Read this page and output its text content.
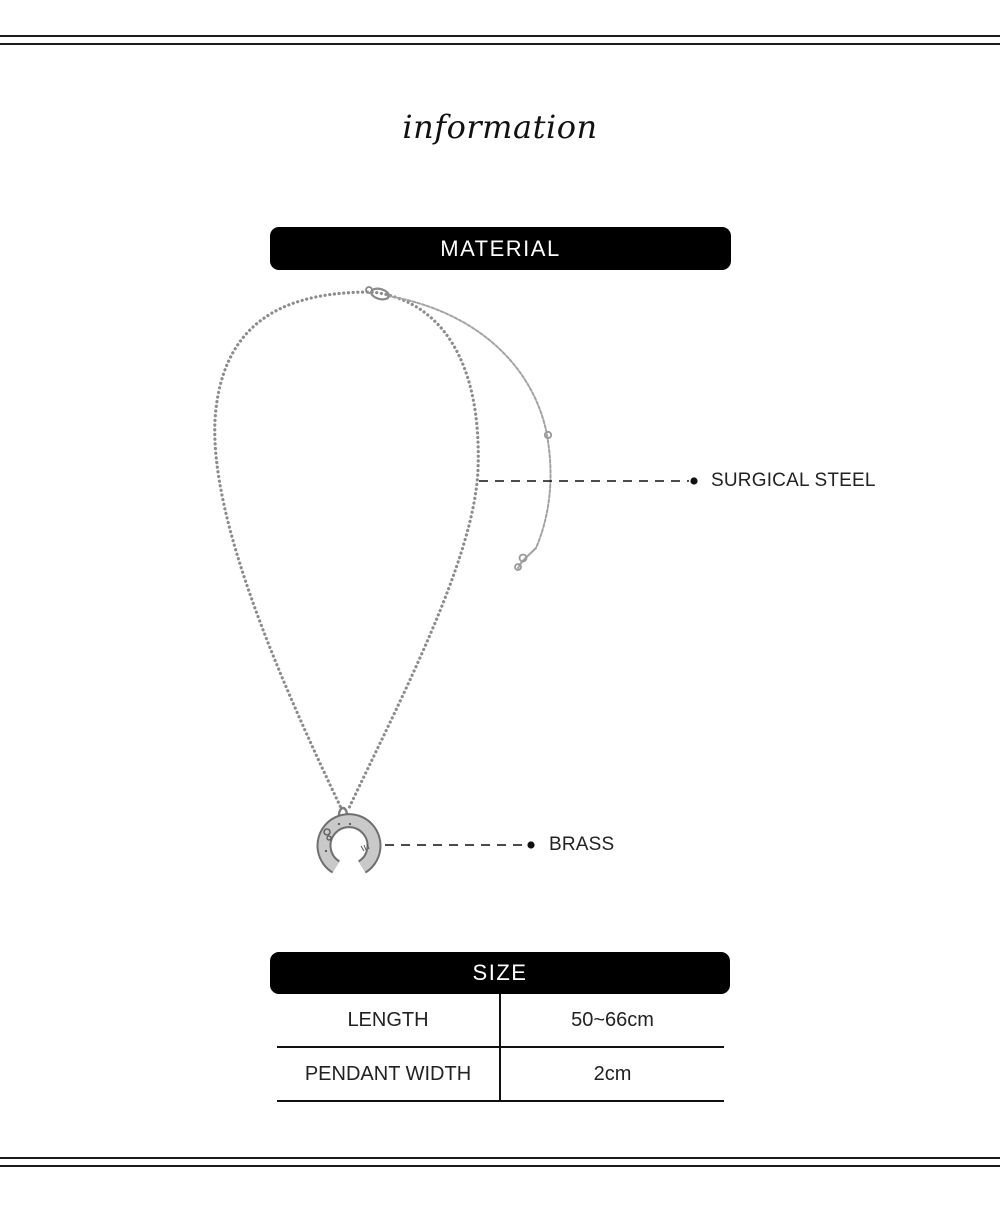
information
MATERIAL
SURGICAL STEEL
BRASS
SIZE
LENGTH	50~66cm
PENDANT WIDTH	2cm
